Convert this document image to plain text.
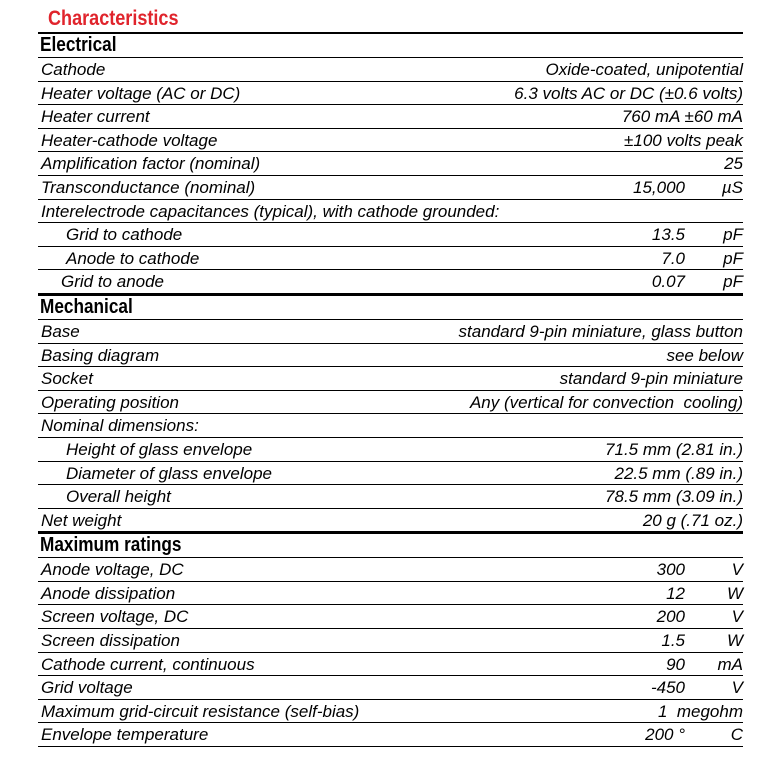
Characteristics
Electrical
Cathode	Oxide-coated, unipotential
Heater voltage (AC or DC)	6.3 volts AC or DC (±0.6 volts)
Heater current	760 mA ±60 mA
Heater-cathode voltage	±100 volts peak
Amplification factor (nominal)	25
Transconductance (nominal)	15,000 µS
Interelectrode capacitances (typical), with cathode grounded:
Grid to cathode	13.5 pF
Anode to cathode	7.0 pF
Grid to anode	0.07 pF
Mechanical
Base	standard 9-pin miniature, glass button
Basing diagram	see below
Socket	standard 9-pin miniature
Operating position	Any (vertical for convection  cooling)
Nominal dimensions:
Height of glass envelope	71.5 mm (2.81 in.)
Diameter of glass envelope	22.5 mm (.89 in.)
Overall height	78.5 mm (3.09 in.)
Net weight	20 g (.71 oz.)
Maximum ratings
Anode voltage, DC	300	V
Anode dissipation	12 W
Screen voltage, DC	200	V
Screen dissipation	1.5 W
Cathode current, continuous	90 mA
Grid voltage	-450	V
Maximum grid-circuit resistance (self-bias)	1  megohm
Envelope temperature	200 °	C
